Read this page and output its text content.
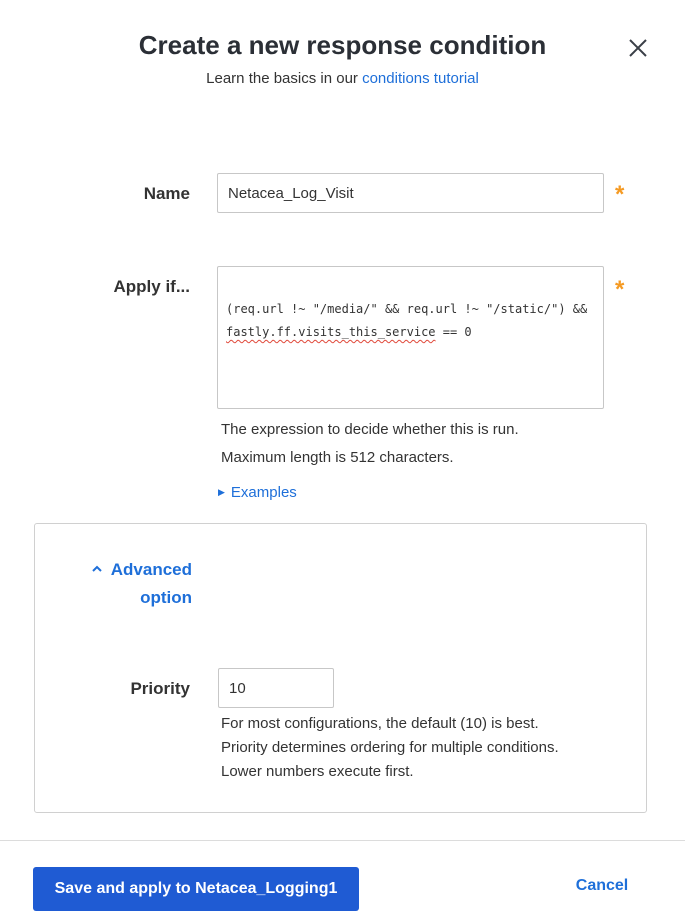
Create a new response condition
Learn the basics in our conditions tutorial
Name
Netacea_Log_Visit	*
Apply if...

(req.url !~ "/media/" && req.url !~ "/static/") &&
fastly.ff.visits_this_service == 0

*
The expression to decide whether this is run.
Maximum length is 512 characters.
▶ Examples
Advanced
option
Priority
10
For most configurations, the default (10) is best.
Priority determines ordering for multiple conditions.
Lower numbers execute first.
Save and apply to Netacea_Logging1	Cancel
